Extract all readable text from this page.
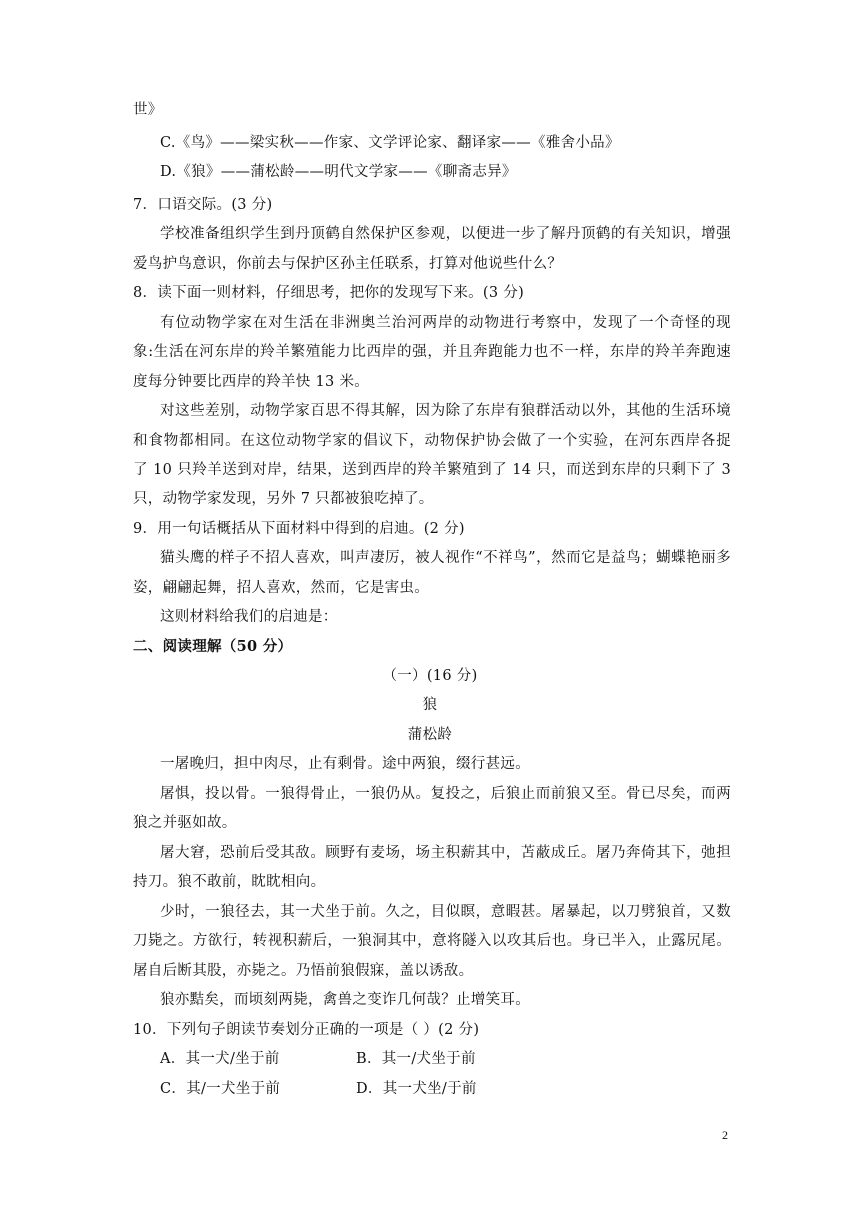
世》
C.《鸟》——梁实秋——作家、文学评论家、翻译家——《雅舍小品》
D.《狼》——蒲松龄——明代文学家——《聊斋志异》
7．口语交际。(3 分)
学校准备组织学生到丹顶鹤自然保护区参观，以便进一步了解丹顶鹤的有关知识，增强
爱鸟护鸟意识，你前去与保护区孙主任联系，打算对他说些什么？
8．读下面一则材料，仔细思考，把你的发现写下来。(3 分)
有位动物学家在对生活在非洲奥兰治河两岸的动物进行考察中，发现了一个奇怪的现
象:生活在河东岸的羚羊繁殖能力比西岸的强，并且奔跑能力也不一样，东岸的羚羊奔跑速
度每分钟要比西岸的羚羊快 13 米。
对这些差别，动物学家百思不得其解，因为除了东岸有狼群活动以外，其他的生活环境
和食物都相同。在这位动物学家的倡议下，动物保护协会做了一个实验，在河东西岸各捉
了 10 只羚羊送到对岸，结果，送到西岸的羚羊繁殖到了 14 只，而送到东岸的只剩下了 3
只，动物学家发现，另外 7 只都被狼吃掉了。
9．用一句话概括从下面材料中得到的启迪。(2 分)
猫头鹰的样子不招人喜欢，叫声凄厉，被人视作“不祥鸟”，然而它是益鸟；蝴蝶艳丽多
姿，翩翩起舞，招人喜欢，然而，它是害虫。
这则材料给我们的启迪是：
二、阅读理解（50 分）
（一）(16 分)
狼
蒲松龄
一屠晚归，担中肉尽，止有剩骨。途中两狼，缀行甚远。
屠惧，投以骨。一狼得骨止，一狼仍从。复投之，后狼止而前狼又至。骨已尽矣，而两
狼之并驱如故。
屠大窘，恐前后受其敌。顾野有麦场，场主积薪其中，苫蔽成丘。屠乃奔倚其下，弛担
持刀。狼不敢前，眈眈相向。
少时，一狼径去，其一犬坐于前。久之，目似瞑，意暇甚。屠暴起，以刀劈狼首，又数
刀毙之。方欲行，转视积薪后，一狼洞其中，意将隧入以攻其后也。身已半入，止露尻尾。
屠自后断其股，亦毙之。乃悟前狼假寐，盖以诱敌。
狼亦黠矣，而顷刻两毙，禽兽之变诈几何哉？止增笑耳。
10．下列句子朗读节奏划分正确的一项是（ ）(2 分)
A．其一犬/坐于前	B．其一/犬坐于前
C．其/一犬坐于前	D．其一犬坐/于前
2
